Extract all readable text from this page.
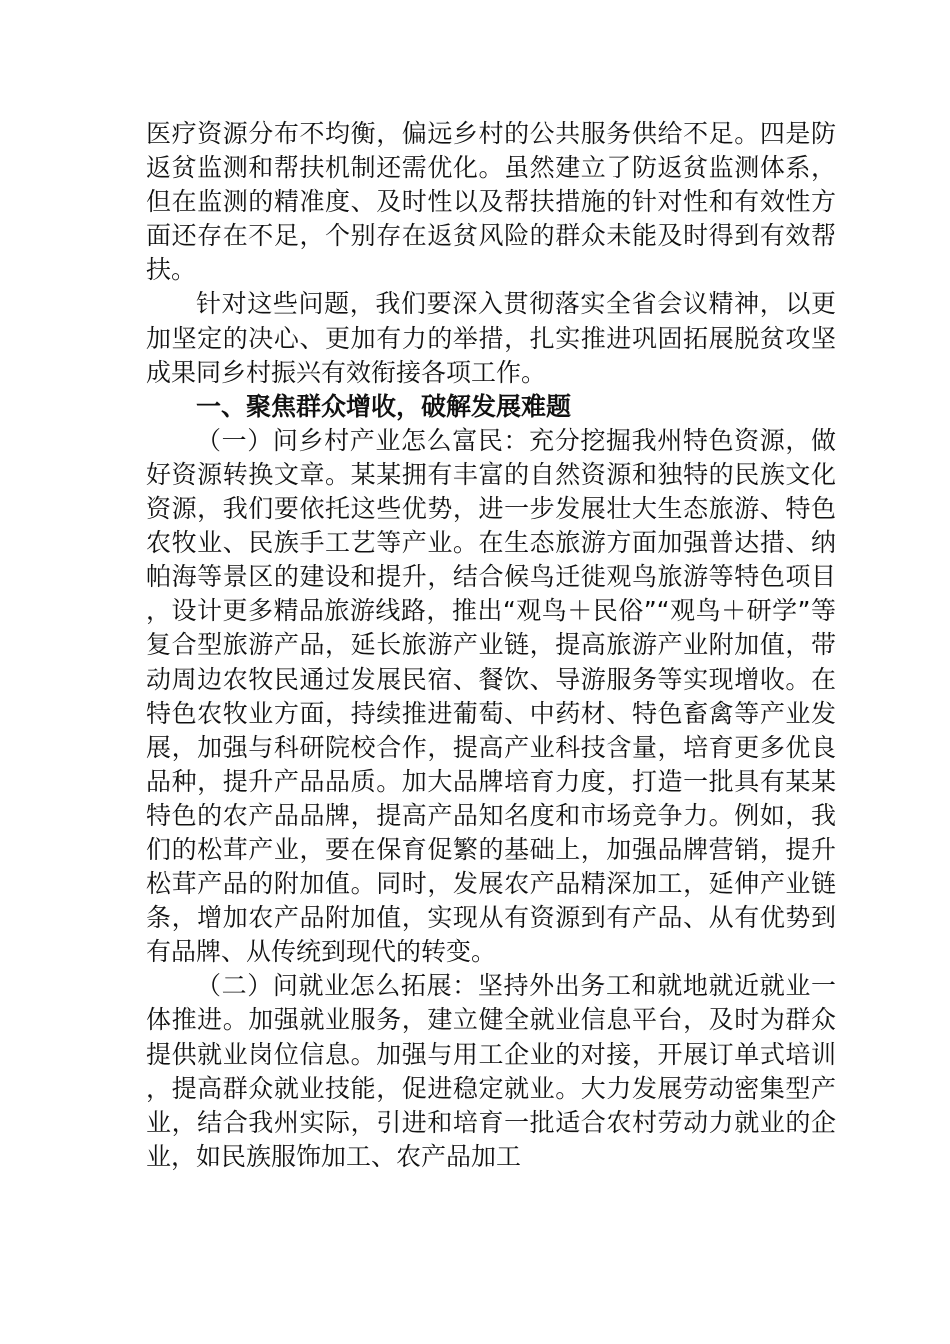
医疗资源分布不均衡，偏远乡村的公共服务供给不足。四是防返贫监测和帮扶机制还需优化。虽然建立了防返贫监测体系，但在监测的精准度、及时性以及帮扶措施的针对性和有效性方面还存在不足，个别存在返贫风险的群众未能及时得到有效帮扶。

针对这些问题，我们要深入贯彻落实全省会议精神，以更加坚定的决心、更加有力的举措，扎实推进巩固拓展脱贫攻坚成果同乡村振兴有效衔接各项工作。

一、聚焦群众增收，破解发展难题

（一）问乡村产业怎么富民：充分挖掘我州特色资源，做好资源转换文章。某某拥有丰富的自然资源和独特的民族文化资源，我们要依托这些优势，进一步发展壮大生态旅游、特色农牧业、民族手工艺等产业。在生态旅游方面加强普达措、纳帕海等景区的建设和提升，结合候鸟迁徙观鸟旅游等特色项目，设计更多精品旅游线路，推出“观鸟＋民俗”“观鸟＋研学”等复合型旅游产品，延长旅游产业链，提高旅游产业附加值，带动周边农牧民通过发展民宿、餐饮、导游服务等实现增收。在特色农牧业方面，持续推进葡萄、中药材、特色畜禽等产业发展，加强与科研院校合作，提高产业科技含量，培育更多优良品种，提升产品品质。加大品牌培育力度，打造一批具有某某特色的农产品品牌，提高产品知名度和市场竞争力。例如，我们的松茸产业，要在保育促繁的基础上，加强品牌营销，提升松茸产品的附加值。同时，发展农产品精深加工，延伸产业链条，增加农产品附加值，实现从有资源到有产品、从有优势到有品牌、从传统到现代的转变。

（二）问就业怎么拓展：坚持外出务工和就地就近就业一体推进。加强就业服务，建立健全就业信息平台，及时为群众提供就业岗位信息。加强与用工企业的对接，开展订单式培训，提高群众就业技能，促进稳定就业。大力发展劳动密集型产业，结合我州实际，引进和培育一批适合农村劳动力就业的企业，如民族服饰加工、农产品加工
